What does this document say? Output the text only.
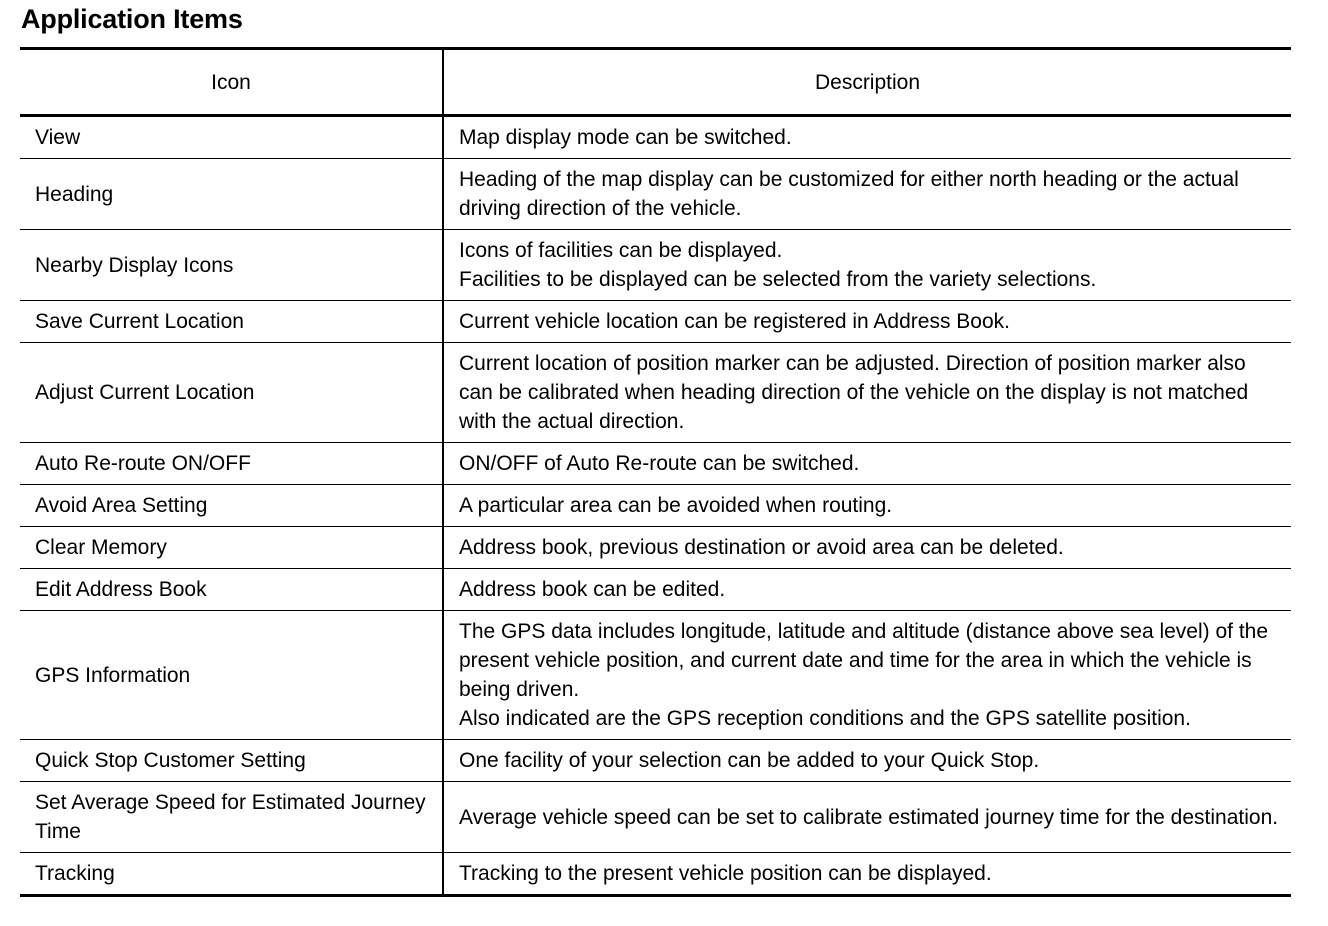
Application Items
Icon	Description
View	Map display mode can be switched.

Heading	Heading of the map display can be customized for either north heading or the actual driving direction of the vehicle.

Nearby Display Icons	Icons of facilities can be displayed.
Facilities to be displayed can be selected from the variety selections.

Save Current Location	Current vehicle location can be registered in Address Book.

Adjust Current Location	Current location of position marker can be adjusted. Direction of position marker also can be calibrated when heading direction of the vehicle on the display is not matched with the actual direction.

Auto Re-route ON/OFF	ON/OFF of Auto Re-route can be switched.

Avoid Area Setting	A particular area can be avoided when routing.

Clear Memory	Address book, previous destination or avoid area can be deleted.

Edit Address Book	Address book can be edited.

GPS Information	The GPS data includes longitude, latitude and altitude (distance above sea level) of the present vehicle position, and current date and time for the area in which the vehicle is being driven.
Also indicated are the GPS reception conditions and the GPS satellite position.

Quick Stop Customer Setting	One facility of your selection can be added to your Quick Stop.

Set Average Speed for Estimated Journey Time	Average vehicle speed can be set to calibrate estimated journey time for the destination.

Tracking	Tracking to the present vehicle position can be displayed.
